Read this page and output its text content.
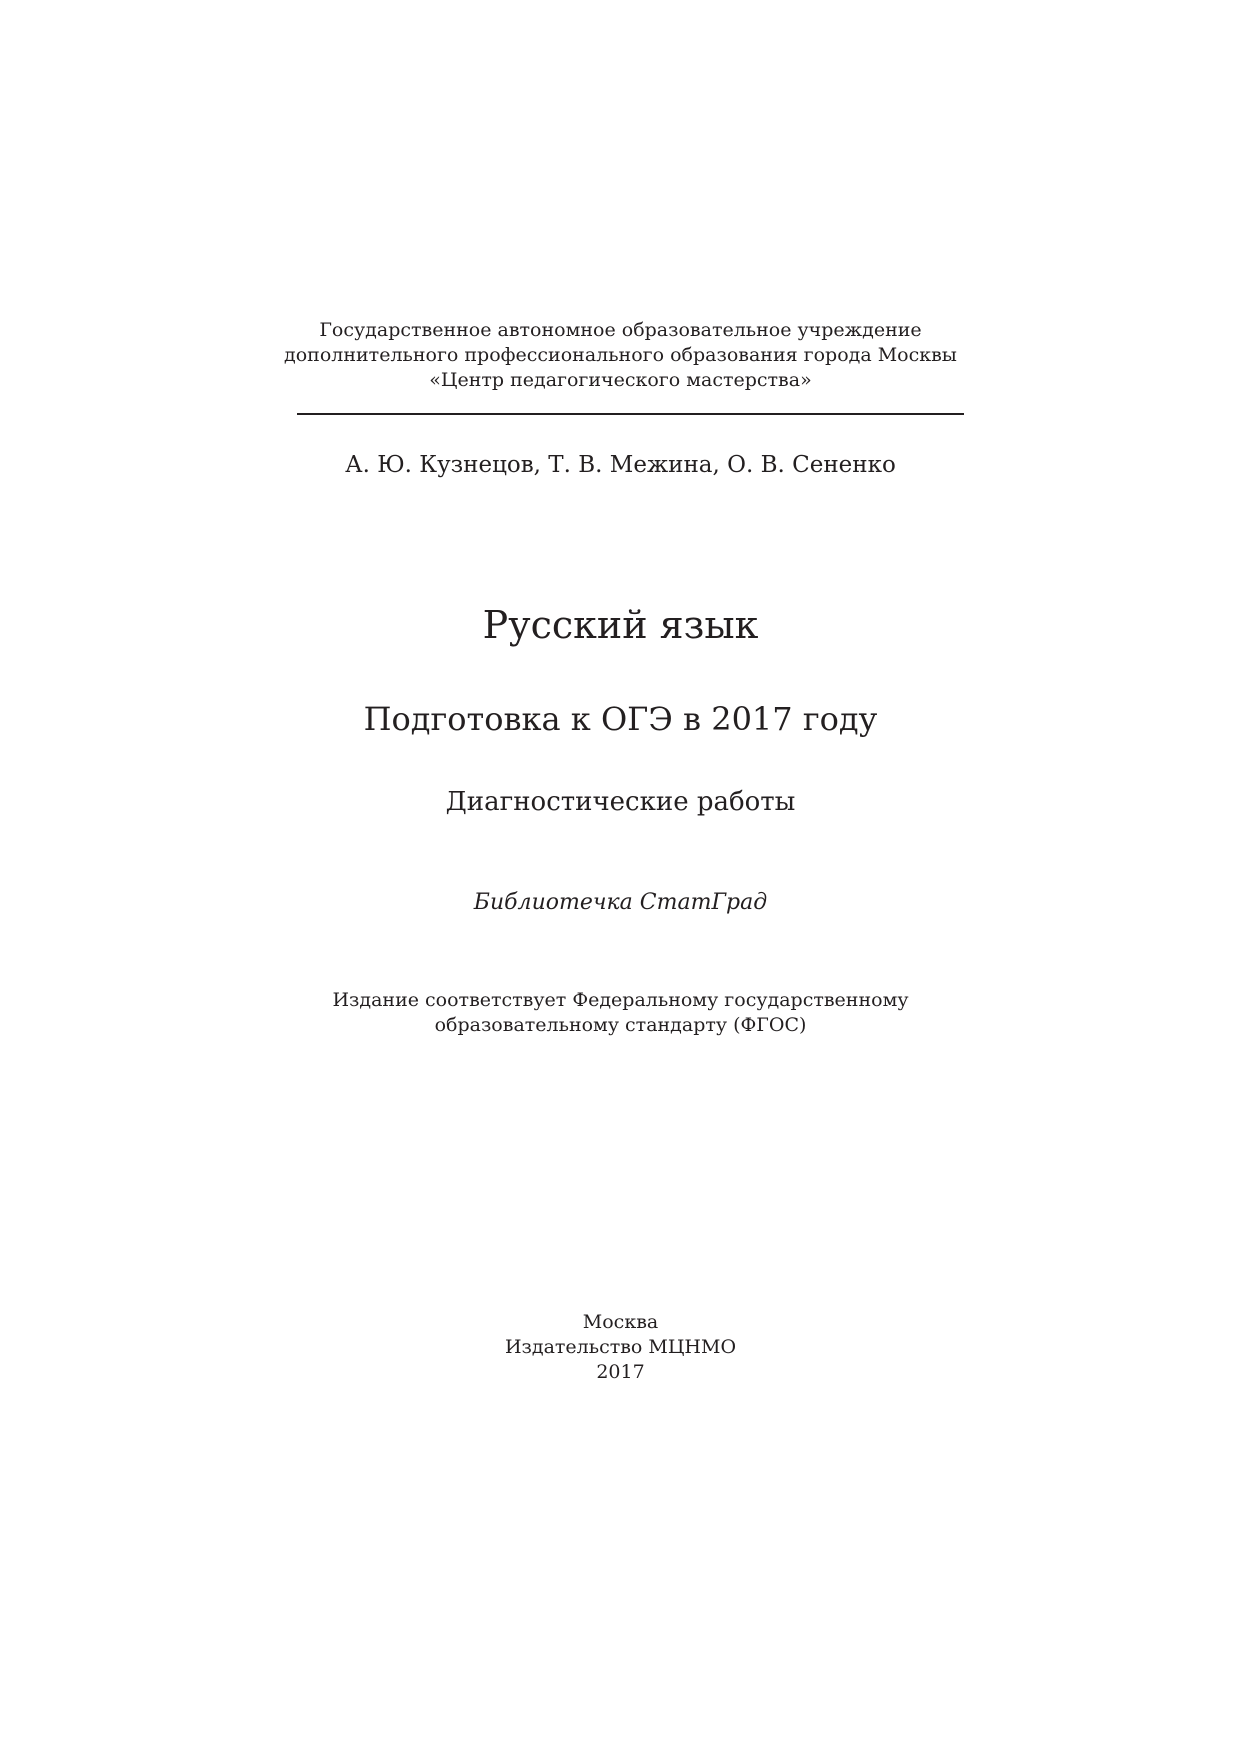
Государственное автономное образовательное учреждение
дополнительного профессионального образования города Москвы
«Центр педагогического мастерства»
А. Ю. Кузнецов, Т. В. Межина, О. В. Сененко
Русский язык
Подготовка к ОГЭ в 2017 году
Диагностические работы
Библиотечка СтатГрад
Издание соответствует Федеральному государственному
образовательному стандарту (ФГОС)
Москва
Издательство МЦНМО
2017
